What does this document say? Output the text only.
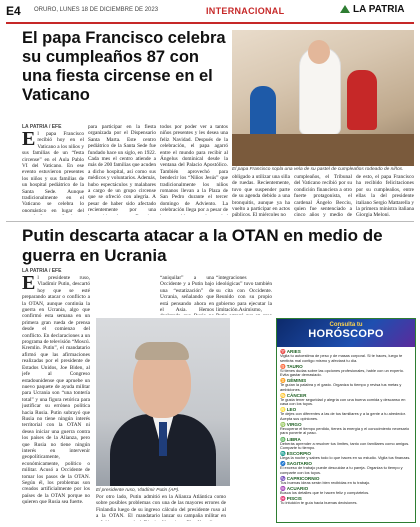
E4 ORURO, LUNES 18 DE DICIEMBRE DE 2023	INTERNACIONAL	LA PATRIA
El papa Francisco celebra su cumpleaños 87 con una fiesta circense en el Vaticano
LA PATRIA / EFE
E l papa Francisco recibió hoy en el Vaticano a los niños y sus familias de un “festa circense” en el Aula Pablo VI del Vaticano. En ese evento estuvieron presentes los niños y sus familias de un hospital pediátrico de la Santa Sede. Aunque tradicionalmente en el Vaticano se celebra lo onomástico en lugar del

para participar en la fiesta organizada por el Dispensario Santa Marta. Este centro pediátrico de la Santa Sede fue fundado hace un siglo, en 1922. Cada mes el centro atiende a más de 200 familias que acuden a dicho hospital, así como sus médicos y voluntarios. Además, hubo espectáculos y malabares a cargo de un grupo circense que se ofreció con alegría. A pesar de haber sido afectado recientemente por una

todos por poder ver a tantos niños presentes y les desea una feliz Navidad. Después de la celebración, el papa agarró entre el mundo para recibir al Ángelus dominical desde la ventana del Palacio Apostólico. También aprovechó para bendecir los “Niños Jesús” que tradicionalmente los niños romanos llevan a la Plaza de San Pedro durante el tercer domingo de Adviento. La celebración llega por a pesar de

El papa Francisco sopla una vela de su pastel de cumpleaños rodeado de niños.

obligado a utilizar una silla de ruedas. Recientemente, tuvo que suspender parte de su agenda debido a una bronquitis, aunque ya ha vuelto a participar en actos públicos. El miércoles no

cumpleaños, el Tribunal del Vaticano recibió por su condición financiera a otro fuerte protagonista, el cardenal Ángelo Becciu, quien fue sentenciado a cinco años y medio de

de esto, el papa Francisco ha recibido felicitaciones por su cumpleaños, entre ellas la del presidente italiano Sergio Mattarella y la primera ministra italiana Giorgia Meloni.

Putin descarta atacar a la OTAN en medio de guerra en Ucrania
LA PATRIA / EFE
E l presidente ruso, Vladímir Putin, descartó hoy que se esté preparando atacar o conflicto a la OTAN, aunque continúa la guerra en Ucrania, algo que confirmó esta semana en un primera gran rueda de prensa desde el comienzo del conflicto. En declaraciones a un programa de televisión “Moscú. Kremlin. Putin”, el mandatario afirmó que las afirmaciones realizadas por el presidente de Estados Unidos, Joe Biden, al jefe al Congreso estadounidense que apruebe un nuevo paquete de ayuda militar para Ucrania son “una tontería total” y una figura retórica para justificar su errónea política hacia Rusia. Putin subrayó que Rusia no tiene ningún interés territorial con la OTAN ni desea iniciar una guerra contra los países de la Alianza, pero que Rusia no tiene ningún interés en intervenir geopolíticamente, económicamente, político o militar. Acusó a Occidente de tomar los pasos de la OTAN. Según él, los problemas son creados artificialmente por los países de la OTAN porque no quieren que Rusia sea fuerte.

El presidente ruso, Vladímir Putin (AP).

“aniquilar” a una Occidente y a Putin bajo una “estatización” de Ucrania, señalando que está pensando ahora en el Asia. Hemos

Por otro lado, Putin admitió sobre posibles problemas con Finlandia luego de su ingreso a la OTAN. El mandatario

en la Alianza Atlántica como una de las mayores errores de cálculo del presidente ruso al lanzar su campaña militar en

“integraciones ideológicas” tuvo también su cita con Occidente. Reunido con su propio gobierno para ejecutar la limitación.Asimismo,

Consulta tu
HORÓSCOPO
♈ARIES
Vigila tu autoestima de peso y de masas corporal. Si te haces, luego te sentirás mal contigo mismo y afectará tu día.
♉TAURO
Si tienes dudas sobre las opciones profesionales, hable con un experto. Evita gastar demasiado.
♊GÉMINIS
Te guían la palabra y el gasto. Organiza tu tiempo y revisa tus metas y ambiciones.
♋CÁNCER
Te gusta tener seguridad y alegría con una buena comida y descanso en casa con los tuyos.
♌LEO
Te dejes con diferentes a las de tus familiares y a la gente a tu alrededor. Acepta sus opiniones.
♍VIRGO
Recuperar el tiempo perdido, tienes la energía y el conocimiento necesario para ponerte al paso.
♎LIBRA
Deberás aprender a resolver tus límites, tanto con familiares como amigos. Comparte tu tiempo.
♏ESCORPIO
Llega la noche y sabes todo lo que haces en su estudio. Vigila tus finanzas.
♐SAGITARIO
El exceso de trabajo puede descuidar a tu pareja. Organiza tu tiempo y comparte con los tuyos.
♑CAPRICORNIO
Tus buenas ideas serán bien recibidas en tu trabajo.
♒ACUARIO
Busca los detalles que te hacen feliz y compártelos.
♓PISCIS
Tu intuición te guía hacia buenas decisiones.
